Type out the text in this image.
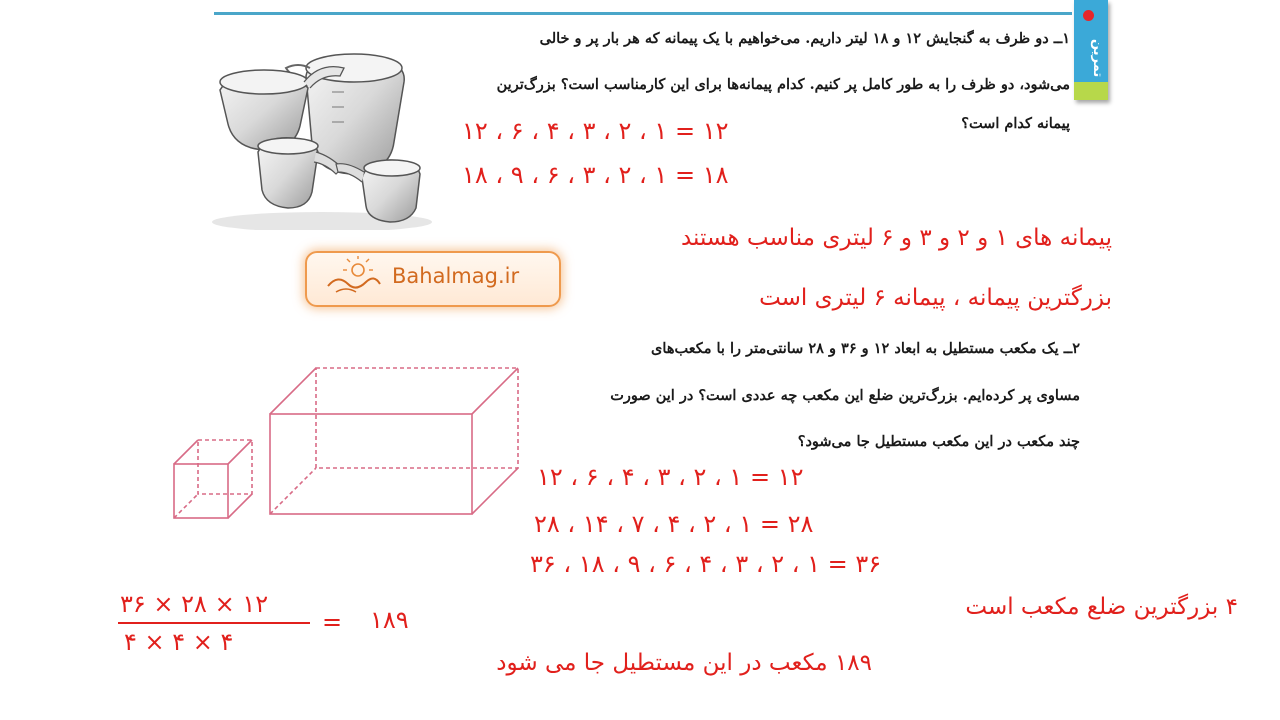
تمرین
۱ــ دو ظرف به گنجایش ۱۲ و ۱۸ لیتر داریم. می‌خواهیم با یک پیمانه که هر بار پر و خالی
می‌شود، دو ظرف را به طور کامل پر کنیم. کدام پیمانه‌ها برای این کارمناسب است؟ بزرگ‌ترین
پیمانه کدام است؟
۱۲ = ۱ ، ۲ ، ۳ ، ۴ ، ۶ ، ۱۲
۱۸ = ۱ ، ۲ ، ۳ ، ۶ ، ۹ ، ۱۸
پیمانه های ۱ و ۲ و ۳ و ۶ لیتری مناسب هستند
بزرگترین پیمانه ، پیمانه ۶ لیتری است
Bahalmag.ir
۲ــ یک مکعب مستطیل به ابعاد ۱۲ و ۳۶ و ۲۸ سانتی‌متر را با مکعب‌های
مساوی پر کرده‌ایم. بزرگ‌ترین ضلع این مکعب چه عددی است؟ در این صورت
چند مکعب در این مکعب مستطیل جا می‌شود؟
۱۲ = ۱ ، ۲ ، ۳ ، ۴ ، ۶ ، ۱۲
۲۸ = ۱ ، ۲ ، ۴ ، ۷ ، ۱۴ ، ۲۸
۳۶ = ۱ ، ۲ ، ۳ ، ۴ ، ۶ ، ۹ ، ۱۸ ، ۳۶
۴ بزرگترین ضلع مکعب است
۱۲ × ۲۸ × ۳۶
۴ × ۴ × ۴
= ۱۸۹
۱۸۹ مکعب در این مستطیل جا می شود
